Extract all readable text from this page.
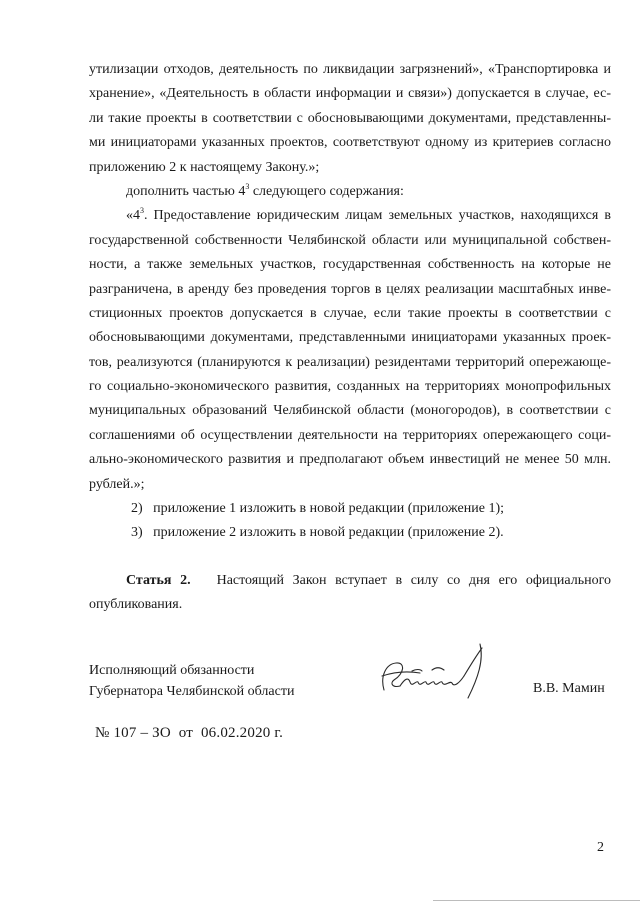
утилизации отходов, деятельность по ликвидации загрязнений», «Транспортировка и
хранение», «Деятельность в области информации и связи») допускается в случае, ес-
ли такие проекты в соответствии с обосновывающими документами, представленны-
ми инициаторами указанных проектов, соответствуют одному из критериев согласно
приложению 2 к настоящему Закону.»;
дополнить частью $4^3$ следующего содержания:
«$4^3$. Предоставление юридическим лицам земельных участков, находящихся в
государственной собственности Челябинской области или муниципальной собствен-
ности, а также земельных участков, государственная собственность на которые не
разграничена, в аренду без проведения торгов в целях реализации масштабных инве-
стиционных проектов допускается в случае, если такие проекты в соответствии с
обосновывающими документами, представленными инициаторами указанных проек-
тов, реализуются (планируются к реализации) резидентами территорий опережающе-
го социально-экономического развития, созданных на территориях монопрофильных
муниципальных образований Челябинской области (моногородов), в соответствии с
соглашениями об осуществлении деятельности на территориях опережающего соци-
ально-экономического развития и предполагают объем инвестиций не менее 50 млн.
рублей.»;
2)   приложение 1 изложить в новой редакции (приложение 1);
3)   приложение 2 изложить в новой редакции (приложение 2).
Статья 2. Настоящий Закон вступает в силу со дня его официального
опубликования.
Исполняющий обязанности
Губернатора Челябинской области	В.В. Мамин
№ 107 – ЗО  от  06.02.2020 г.
2
